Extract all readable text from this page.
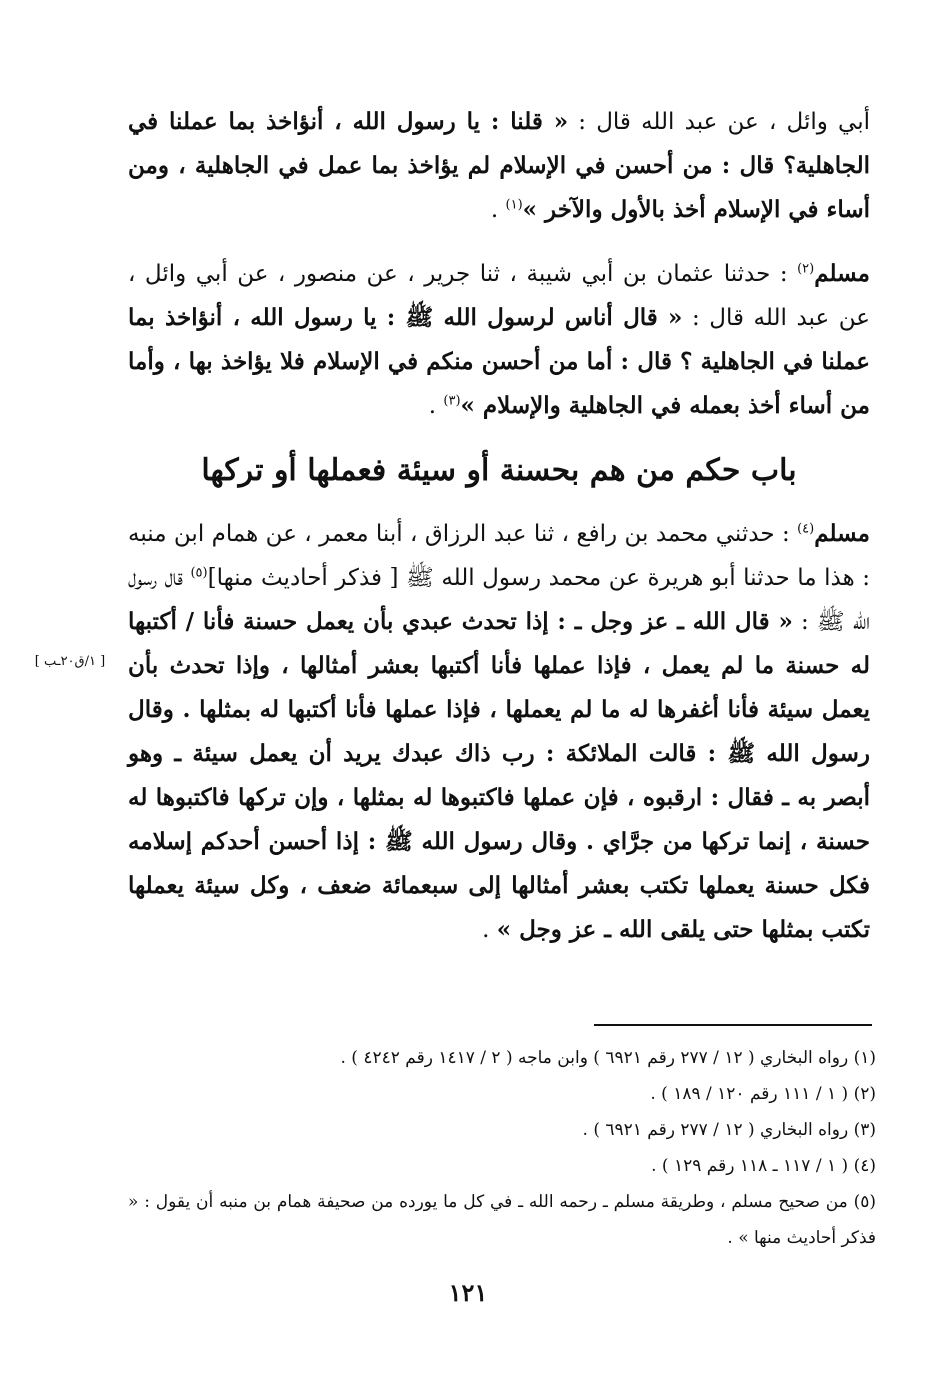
أبي وائل ، عن عبد الله قال : « قلنا : يا رسول الله ، أنؤاخذ بما عملنا في الجاهلية؟ قال : من أحسن في الإسلام لم يؤاخذ بما عمل في الجاهلية ، ومن أساء في الإسلام أخذ بالأول والآخر »$^{(١)}$ .

مسلم$^{(٢)}$ : حدثنا عثمان بن أبي شيبة ، ثنا جرير ، عن منصور ، عن أبي وائل ، عن عبد الله قال : « قال أناس لرسول الله ﷺ : يا رسول الله ، أنؤاخذ بما عملنا في الجاهلية ؟ قال : أما من أحسن منكم في الإسلام فلا يؤاخذ بها ، وأما من أساء أخذ بعمله في الجاهلية والإسلام »$^{(٣)}$ .

باب حكم من هم بحسنة أو سيئة فعملها أو تركها

مسلم$^{(٤)}$ : حدثني محمد بن رافع ، ثنا عبد الرزاق ، أبنا معمر ، عن همام ابن منبه : هذا ما حدثنا أبو هريرة عن محمد رسول الله ﷺ [ فذكر أحاديث منها]$^{(٥)}$ قال رسول الله ﷺ : « قال الله ـ عز وجل ـ : إذا تحدث عبدي بأن يعمل حسنة فأنا / أكتبها له حسنة ما لم يعمل ، فإذا عملها فأنا أكتبها بعشر أمثالها ، وإذا تحدث بأن يعمل سيئة فأنا أغفرها له ما لم يعملها ، فإذا عملها فأنا أكتبها له بمثلها . وقال رسول الله ﷺ : قالت الملائكة : رب ذاك عبدك يريد أن يعمل سيئة ـ وهو أبصر به ـ فقال : ارقبوه ، فإن عملها فاكتبوها له بمثلها ، وإن تركها فاكتبوها له حسنة ، إنما تركها من جرَّاي . وقال رسول الله ﷺ : إذا أحسن أحدكم إسلامه فكل حسنة يعملها تكتب بعشر أمثالها إلى سبعمائة ضعف ، وكل سيئة يعملها تكتب بمثلها حتى يلقى الله ـ عز وجل » .

[ ١/ق٢٠ـب ]

(١) رواه البخاري ( ١٢ / ٢٧٧ رقم ٦٩٢١ ) وابن ماجه ( ٢ / ١٤١٧ رقم ٤٢٤٢ ) .

(٢) ( ١ / ١١١ رقم ١٢٠ / ١٨٩ ) .

(٣) رواه البخاري ( ١٢ / ٢٧٧ رقم ٦٩٢١ ) .

(٤) ( ١ / ١١٧ ـ ١١٨ رقم ١٢٩ ) .

(٥) من صحيح مسلم ، وطريقة مسلم ـ رحمه الله ـ في كل ما يورده من صحيفة همام بن منبه أن يقول : « فذكر أحاديث منها » .

١٢١
